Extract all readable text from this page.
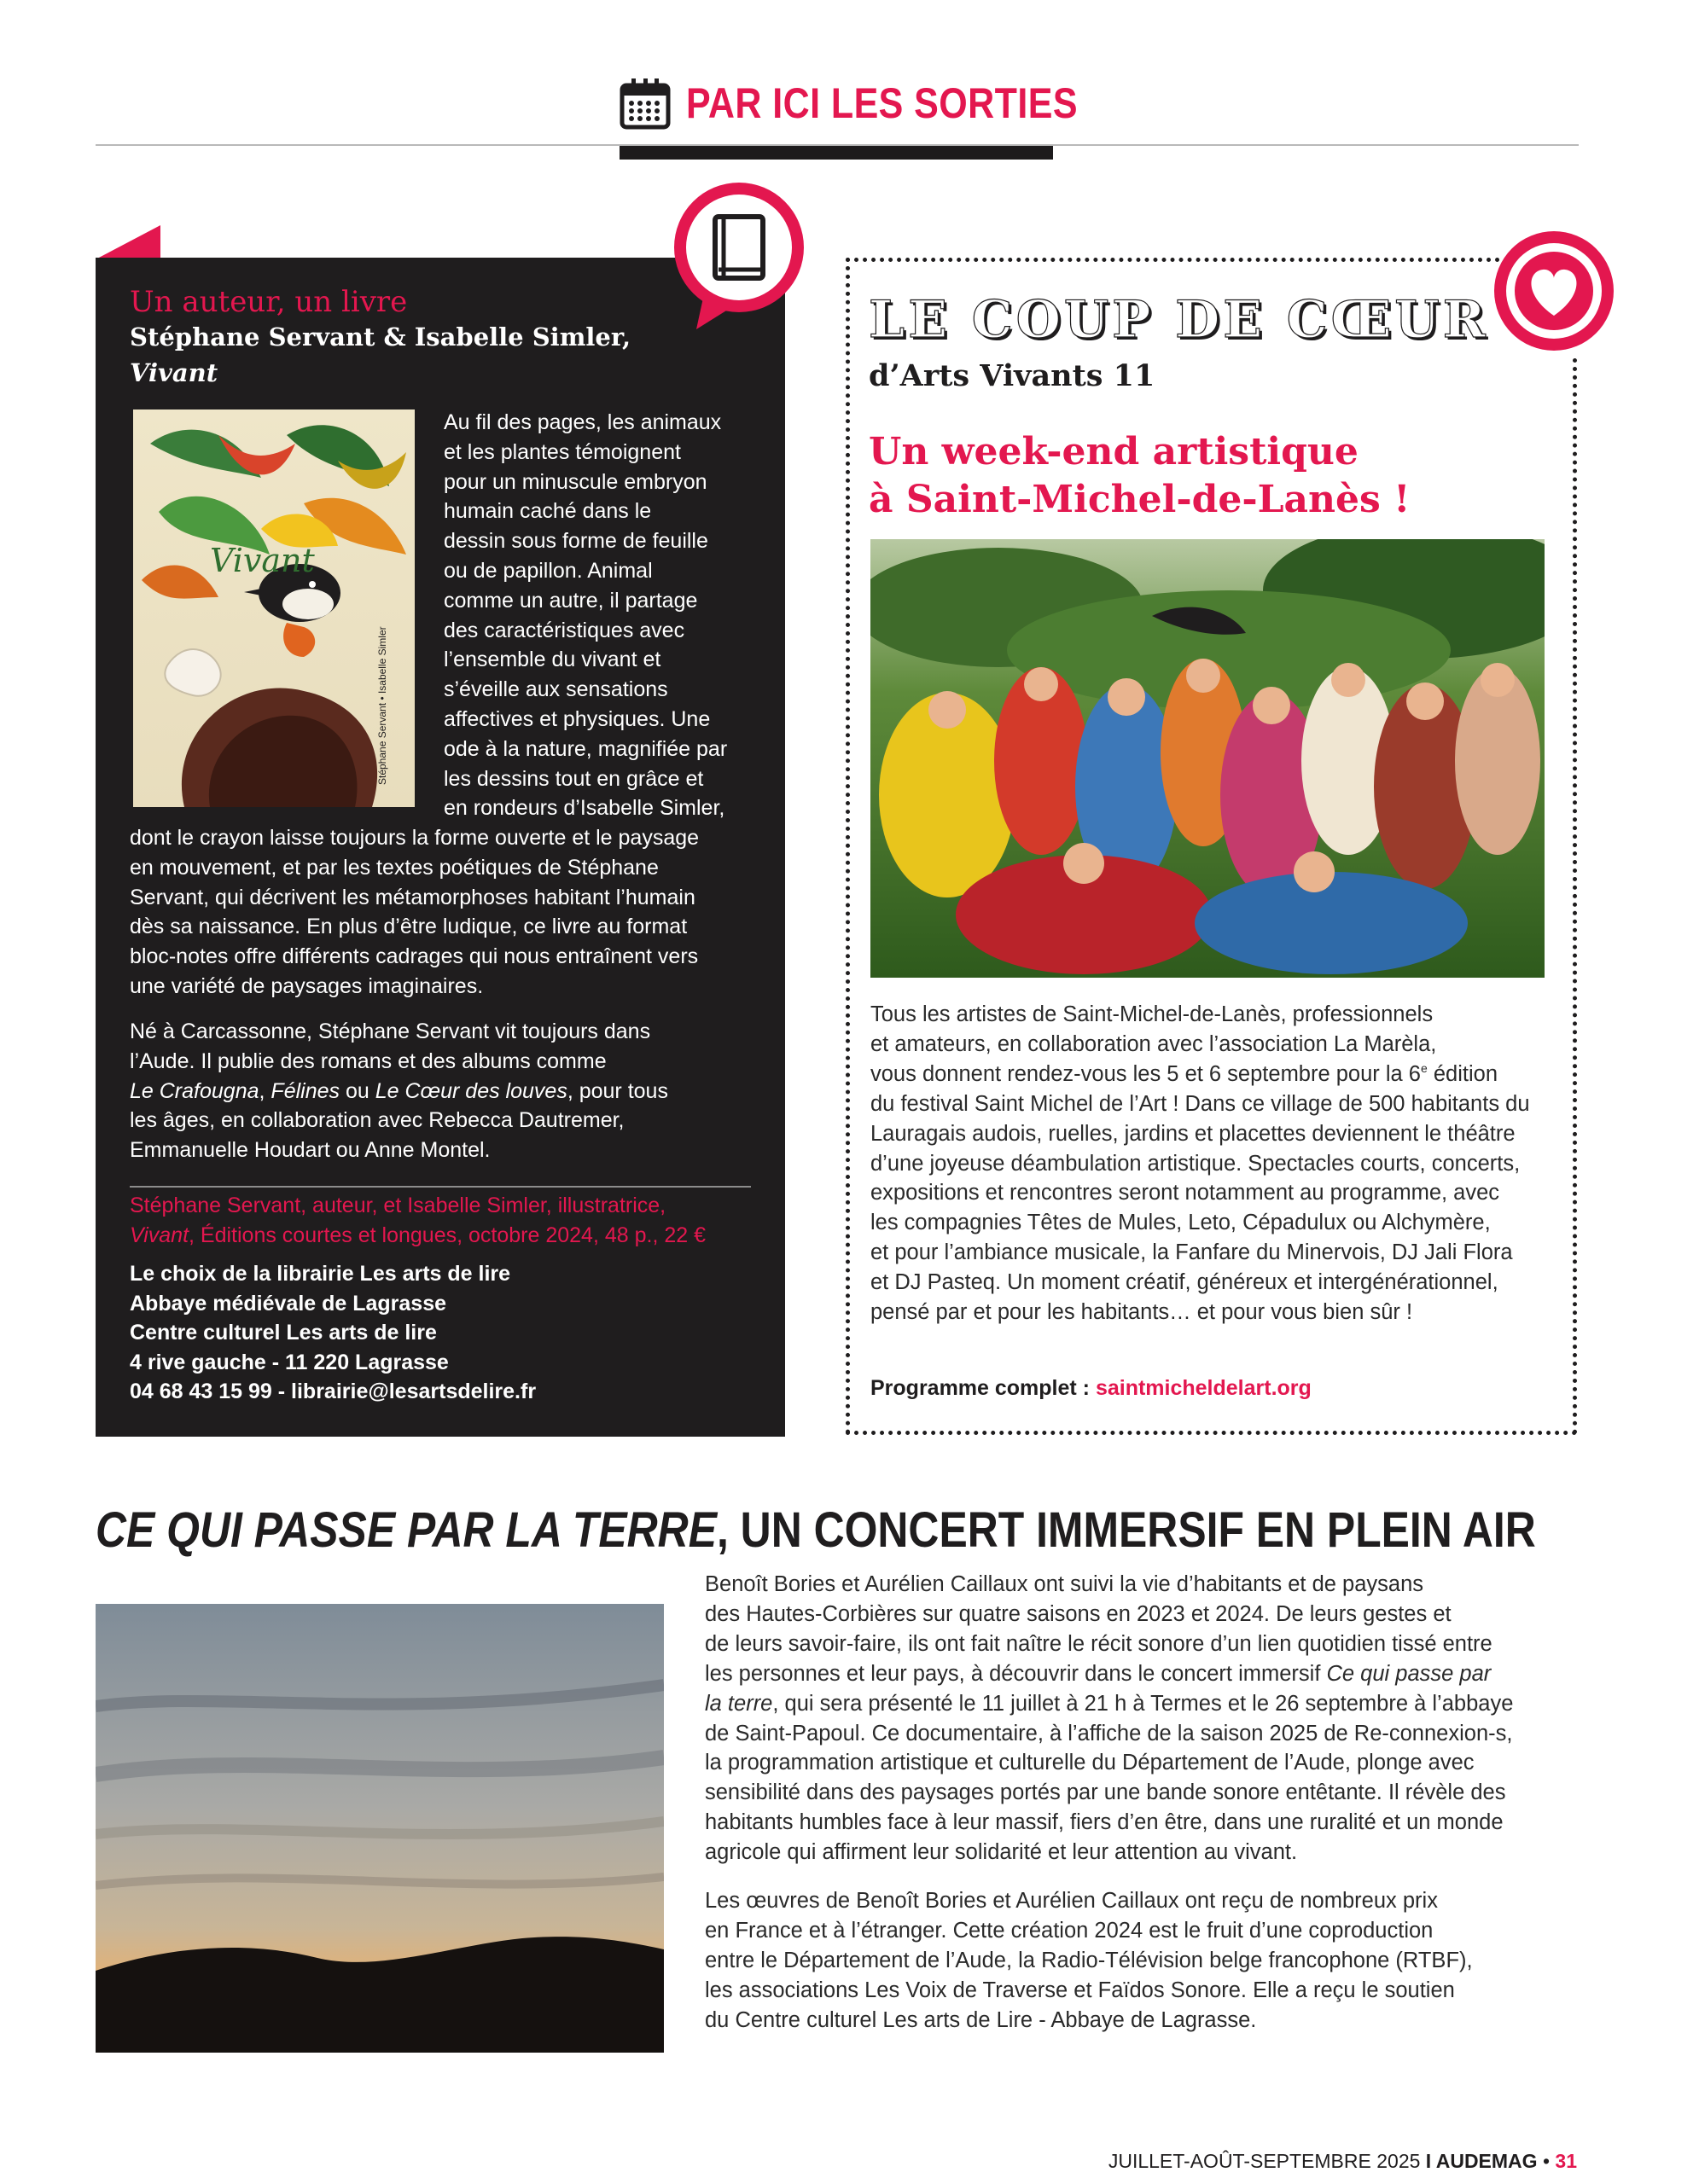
PAR ICI LES SORTIES
Un auteur, un livre
Stéphane Servant & Isabelle Simler,
Vivant
Vivant
Stéphane Servant • Isabelle Simler
Au fil des pages, les animaux
et les plantes témoignent
pour un minuscule embryon
humain caché dans le
dessin sous forme de feuille
ou de papillon. Animal
comme un autre, il partage
des caractéristiques avec
l’ensemble du vivant et
s’éveille aux sensations
affectives et physiques. Une
ode à la nature, magnifiée par
les dessins tout en grâce et
en rondeurs d’Isabelle Simler,
dont le crayon laisse toujours la forme ouverte et le paysage
en mouvement, et par les textes poétiques de Stéphane
Servant, qui décrivent les métamorphoses habitant l’humain
dès sa naissance. En plus d’être ludique, ce livre au format
bloc-notes offre différents cadrages qui nous entraînent vers
une variété de paysages imaginaires.
Né à Carcassonne, Stéphane Servant vit toujours dans
l’Aude. Il publie des romans et des albums comme
Le Crafougna, Félines ou Le Cœur des louves, pour tous
les âges, en collaboration avec Rebecca Dautremer,
Emmanuelle Houdart ou Anne Montel.
Stéphane Servant, auteur, et Isabelle Simler, illustratrice,
Vivant, Éditions courtes et longues, octobre 2024, 48 p., 22 €
Le choix de la librairie Les arts de lire
Abbaye médiévale de Lagrasse
Centre culturel Les arts de lire
4 rive gauche - 11 220 Lagrasse
04 68 43 15 99 - librairie@lesartsdelire.fr
LE COUP DE CŒUR
d’Arts Vivants 11
Un week-end artistique
à Saint-Michel-de-Lanès !
Tous les artistes de Saint-Michel-de-Lanès, professionnels
et amateurs, en collaboration avec l’association La Marèla,
vous donnent rendez-vous les 5 et 6 septembre pour la 6e édition
du festival Saint Michel de l’Art ! Dans ce village de 500 habitants du
Lauragais audois, ruelles, jardins et placettes deviennent le théâtre
d’une joyeuse déambulation artistique. Spectacles courts, concerts,
expositions et rencontres seront notamment au programme, avec
les compagnies Têtes de Mules, Leto, Cépadulux ou Alchymère,
et pour l’ambiance musicale, la Fanfare du Minervois, DJ Jali Flora
et DJ Pasteq. Un moment créatif, généreux et intergénérationnel,
pensé par et pour les habitants… et pour vous bien sûr !
Programme complet : saintmicheldelart.org
CE QUI PASSE PAR LA TERRE, UN CONCERT IMMERSIF EN PLEIN AIR
Benoît Bories et Aurélien Caillaux ont suivi la vie d’habitants et de paysans
des Hautes-Corbières sur quatre saisons en 2023 et 2024. De leurs gestes et
de leurs savoir-faire, ils ont fait naître le récit sonore d’un lien quotidien tissé entre
les personnes et leur pays, à découvrir dans le concert immersif Ce qui passe par
la terre, qui sera présenté le 11 juillet à 21 h à Termes et le 26 septembre à l’abbaye
de Saint-Papoul. Ce documentaire, à l’affiche de la saison 2025 de Re-connexion-s,
la programmation artistique et culturelle du Département de l’Aude, plonge avec
sensibilité dans des paysages portés par une bande sonore entêtante. Il révèle des
habitants humbles face à leur massif, fiers d’en être, dans une ruralité et un monde
agricole qui affirment leur solidarité et leur attention au vivant.
Les œuvres de Benoît Bories et Aurélien Caillaux ont reçu de nombreux prix
en France et à l’étranger. Cette création 2024 est le fruit d’une coproduction
entre le Département de l’Aude, la Radio-Télévision belge francophone (RTBF),
les associations Les Voix de Traverse et Faïdos Sonore. Elle a reçu le soutien
du Centre culturel Les arts de Lire - Abbaye de Lagrasse.
JUILLET-AOÛT-SEPTEMBRE 2025 I AUDEMAG • 31
